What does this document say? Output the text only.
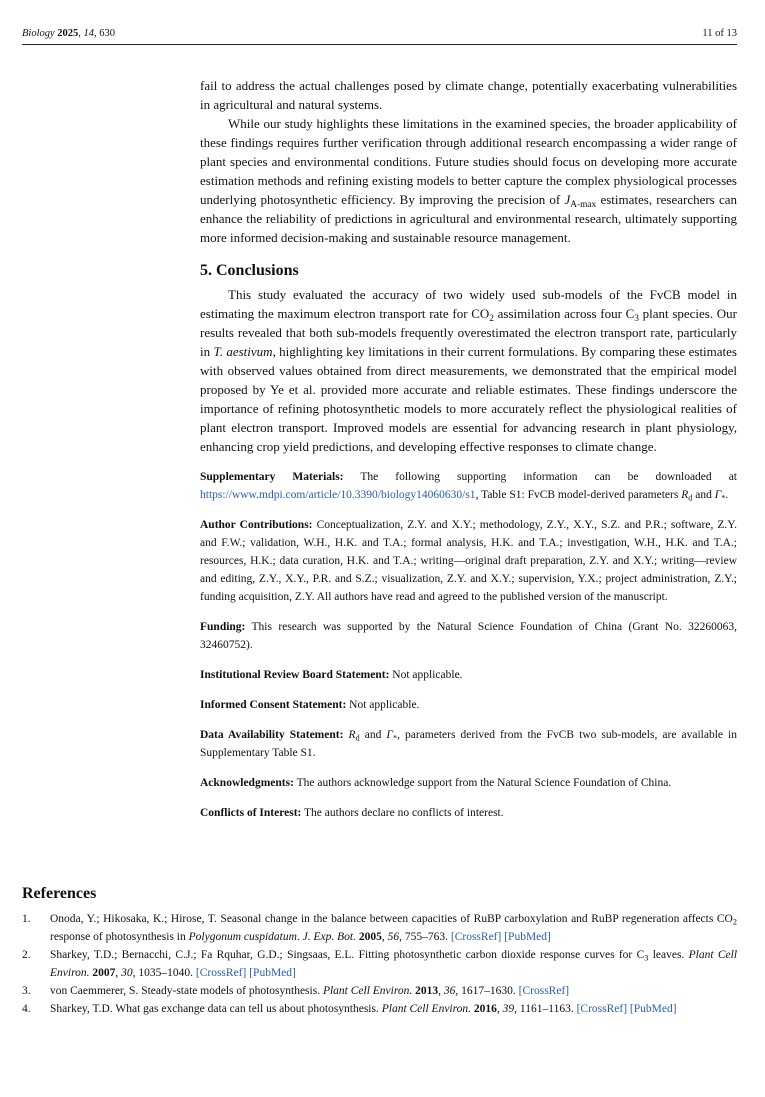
Biology 2025, 14, 630	11 of 13

fail to address the actual challenges posed by climate change, potentially exacerbating vulnerabilities in agricultural and natural systems.

While our study highlights these limitations in the examined species, the broader applicability of these findings requires further verification through additional research encompassing a wider range of plant species and environmental conditions. Future studies should focus on developing more accurate estimation methods and refining existing models to better capture the complex physiological processes underlying photosynthetic efficiency. By improving the precision of $J_{A-max}$ estimates, researchers can enhance the reliability of predictions in agricultural and environmental research, ultimately supporting more informed decision-making and sustainable resource management.

5. Conclusions

This study evaluated the accuracy of two widely used sub-models of the FvCB model in estimating the maximum electron transport rate for $CO_2$ assimilation across four $C_3$ plant species. Our results revealed that both sub-models frequently overestimated the electron transport rate, particularly in T. aestivum, highlighting key limitations in their current formulations. By comparing these estimates with observed values obtained from direct measurements, we demonstrated that the empirical model proposed by Ye et al. provided more accurate and reliable estimates. These findings underscore the importance of refining photosynthetic models to more accurately reflect the physiological realities of plant electron transport. Improved models are essential for advancing research in plant physiology, enhancing crop yield predictions, and developing effective responses to climate change.

Supplementary Materials: The following supporting information can be downloaded at https://www.mdpi.com/article/10.3390/biology14060630/s1, Table S1: FvCB model-derived parameters $R_d$ and $\Gamma_*$.
Author Contributions: Conceptualization, Z.Y. and X.Y.; methodology, Z.Y., X.Y., S.Z. and P.R.; software, Z.Y. and F.W.; validation, W.H., H.K. and T.A.; formal analysis, H.K. and T.A.; investigation, W.H., H.K. and T.A.; resources, H.K.; data curation, H.K. and T.A.; writing—original draft preparation, Z.Y. and X.Y.; writing—review and editing, Z.Y., X.Y., P.R. and S.Z.; visualization, Z.Y. and X.Y.; supervision, Y.X.; project administration, Z.Y.; funding acquisition, Z.Y. All authors have read and agreed to the published version of the manuscript.
Funding: This research was supported by the Natural Science Foundation of China (Grant No. 32260063, 32460752).
Institutional Review Board Statement: Not applicable.
Informed Consent Statement: Not applicable.
Data Availability Statement: $R_d$ and $\Gamma_*$, parameters derived from the FvCB two sub-models, are available in Supplementary Table S1.
Acknowledgments: The authors acknowledge support from the Natural Science Foundation of China.
Conflicts of Interest: The authors declare no conflicts of interest.
References
1. Onoda, Y.; Hikosaka, K.; Hirose, T. Seasonal change in the balance between capacities of RuBP carboxylation and RuBP regeneration affects $CO_2$ response of photosynthesis in Polygonum cuspidatum. J. Exp. Bot. 2005, 56, 755–763. [CrossRef] [PubMed]
2. Sharkey, T.D.; Bernacchi, C.J.; Fa Rquhar, G.D.; Singsaas, E.L. Fitting photosynthetic carbon dioxide response curves for $C_3$ leaves. Plant Cell Environ. 2007, 30, 1035–1040. [CrossRef] [PubMed]
3. von Caemmerer, S. Steady-state models of photosynthesis. Plant Cell Environ. 2013, 36, 1617–1630. [CrossRef]
4. Sharkey, T.D. What gas exchange data can tell us about photosynthesis. Plant Cell Environ. 2016, 39, 1161–1163. [CrossRef] [PubMed]
